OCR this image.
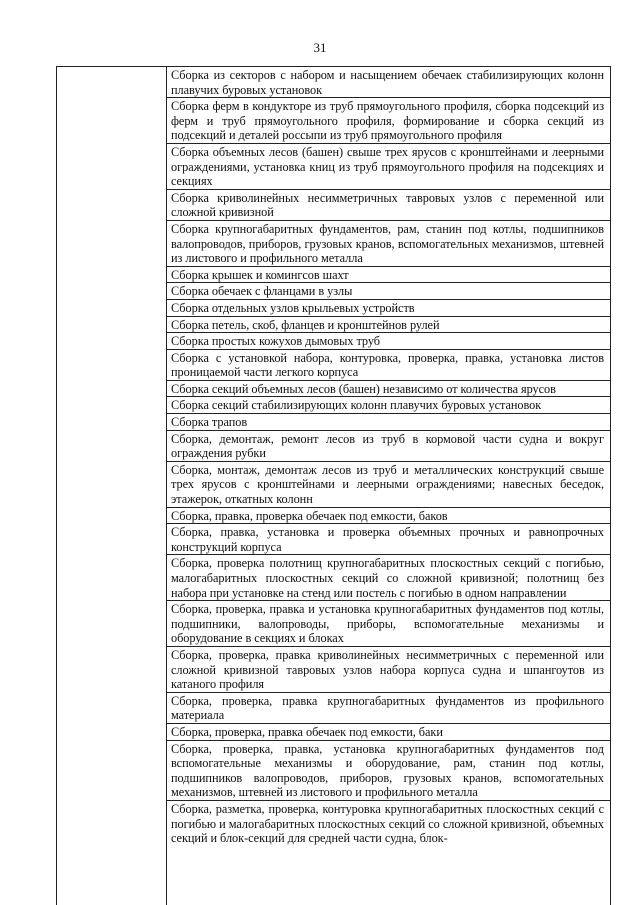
31
Сборка из секторов с набором и насыщением обечаек стабилизирующих колонн плавучих буровых установок
Сборка ферм в кондукторе из труб прямоугольного профиля, сборка подсекций из ферм и труб прямоугольного профиля, формирование и сборка секций из подсекций и деталей россыпи из труб прямоугольного профиля
Сборка объемных лесов (башен) свыше трех ярусов с кронштейнами и леерными ограждениями, установка книц из труб прямоугольного профиля на подсекциях и секциях
Сборка криволинейных несимметричных тавровых узлов с переменной или сложной кривизной
Сборка крупногабаритных фундаментов, рам, станин под котлы, подшипников валопроводов, приборов, грузовых кранов, вспомогательных механизмов, штевней из листового и профильного металла
Сборка крышек и комингсов шахт
Сборка обечаек с фланцами в узлы
Сборка отдельных узлов крыльевых устройств
Сборка петель, скоб, фланцев и кронштейнов рулей
Сборка простых кожухов дымовых труб
Сборка с установкой набора, контуровка, проверка, правка, установка листов проницаемой части легкого корпуса
Сборка секций объемных лесов (башен) независимо от количества ярусов
Сборка секций стабилизирующих колонн плавучих буровых установок
Сборка трапов
Сборка, демонтаж, ремонт лесов из труб в кормовой части судна и вокруг ограждения рубки
Сборка, монтаж, демонтаж лесов из труб и металлических конструкций свыше трех ярусов с кронштейнами и леерными ограждениями; навесных беседок, этажерок, откатных колонн
Сборка, правка, проверка обечаек под емкости, баков
Сборка, правка, установка и проверка объемных прочных и равнопрочных конструкций корпуса
Сборка, проверка полотнищ крупногабаритных плоскостных секций с погибью, малогабаритных плоскостных секций со сложной кривизной; полотнищ без набора при установке на стенд или постель с погибью в одном направлении
Сборка, проверка, правка и установка крупногабаритных фундаментов под котлы, подшипники, валопроводы, приборы, вспомогательные механизмы и оборудование в секциях и блоках
Сборка, проверка, правка криволинейных несимметричных с переменной или сложной кривизной тавровых узлов набора корпуса судна и шпангоутов из катаного профиля
Сборка, проверка, правка крупногабаритных фундаментов из профильного материала
Сборка, проверка, правка обечаек под емкости, баки
Сборка, проверка, правка, установка крупногабаритных фундаментов под вспомогательные механизмы и оборудование, рам, станин под котлы, подшипников валопроводов, приборов, грузовых кранов, вспомогательных механизмов, штевней из листового и профильного металла
Сборка, разметка, проверка, контуровка крупногабаритных плоскостных секций с погибью и малогабаритных плоскостных секций со сложной кривизной, объемных секций и блок-секций для средней части судна, блок-
